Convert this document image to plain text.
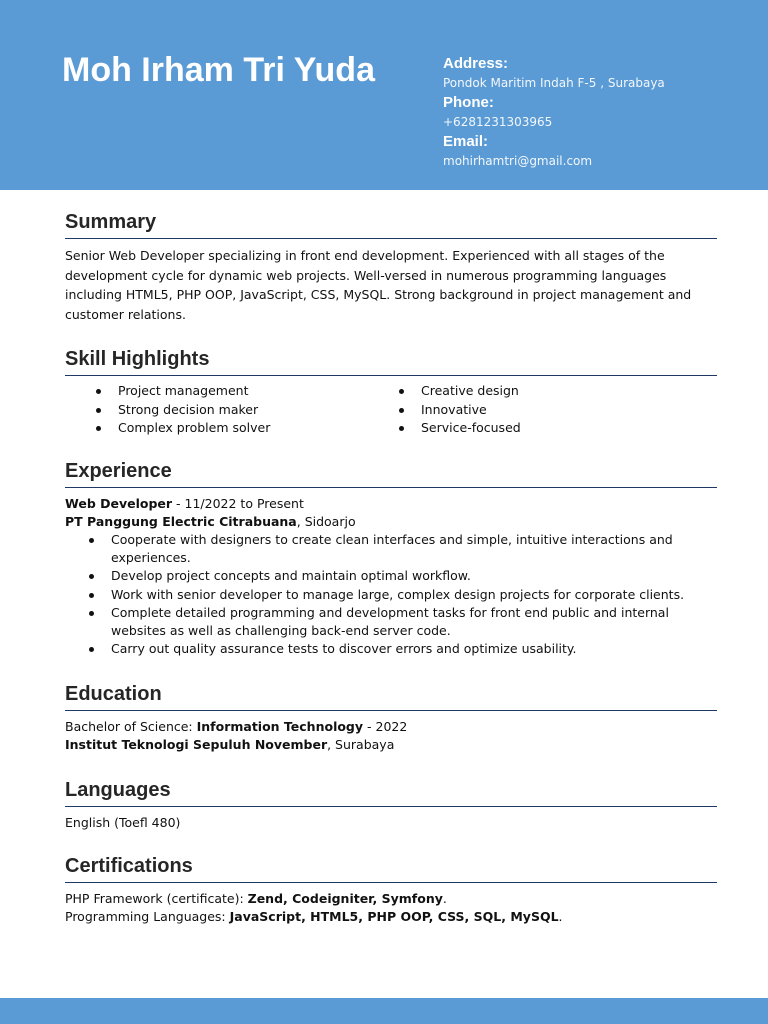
Moh Irham Tri Yuda	Address:
Pondok Maritim Indah F-5 , Surabaya
Phone:
+6281231303965
Email:
mohirhamtri@gmail.com
Summary

Senior Web Developer specializing in front end development. Experienced with all stages of the development cycle for dynamic web projects. Well-versed in numerous programming languages including HTML5, PHP OOP, JavaScript, CSS, MySQL. Strong background in project management and customer relations.

Skill Highlights
Project management
Strong decision maker
Complex problem solver
Creative design
Innovative
Service-focused
Experience
Web Developer - 11/2022 to Present
PT Panggung Electric Citrabuana, Sidoarjo
Cooperate with designers to create clean interfaces and simple, intuitive interactions and experiences.
Develop project concepts and maintain optimal workflow.
Work with senior developer to manage large, complex design projects for corporate clients.
Complete detailed programming and development tasks for front end public and internal websites as well as challenging back-end server code.
Carry out quality assurance tests to discover errors and optimize usability.
Education
Bachelor of Science: Information Technology - 2022
Institut Teknologi Sepuluh November, Surabaya
Languages
English (Toefl 480)
Certifications
PHP Framework (certificate): Zend, Codeigniter, Symfony.
Programming Languages: JavaScript, HTML5, PHP OOP, CSS, SQL, MySQL.
